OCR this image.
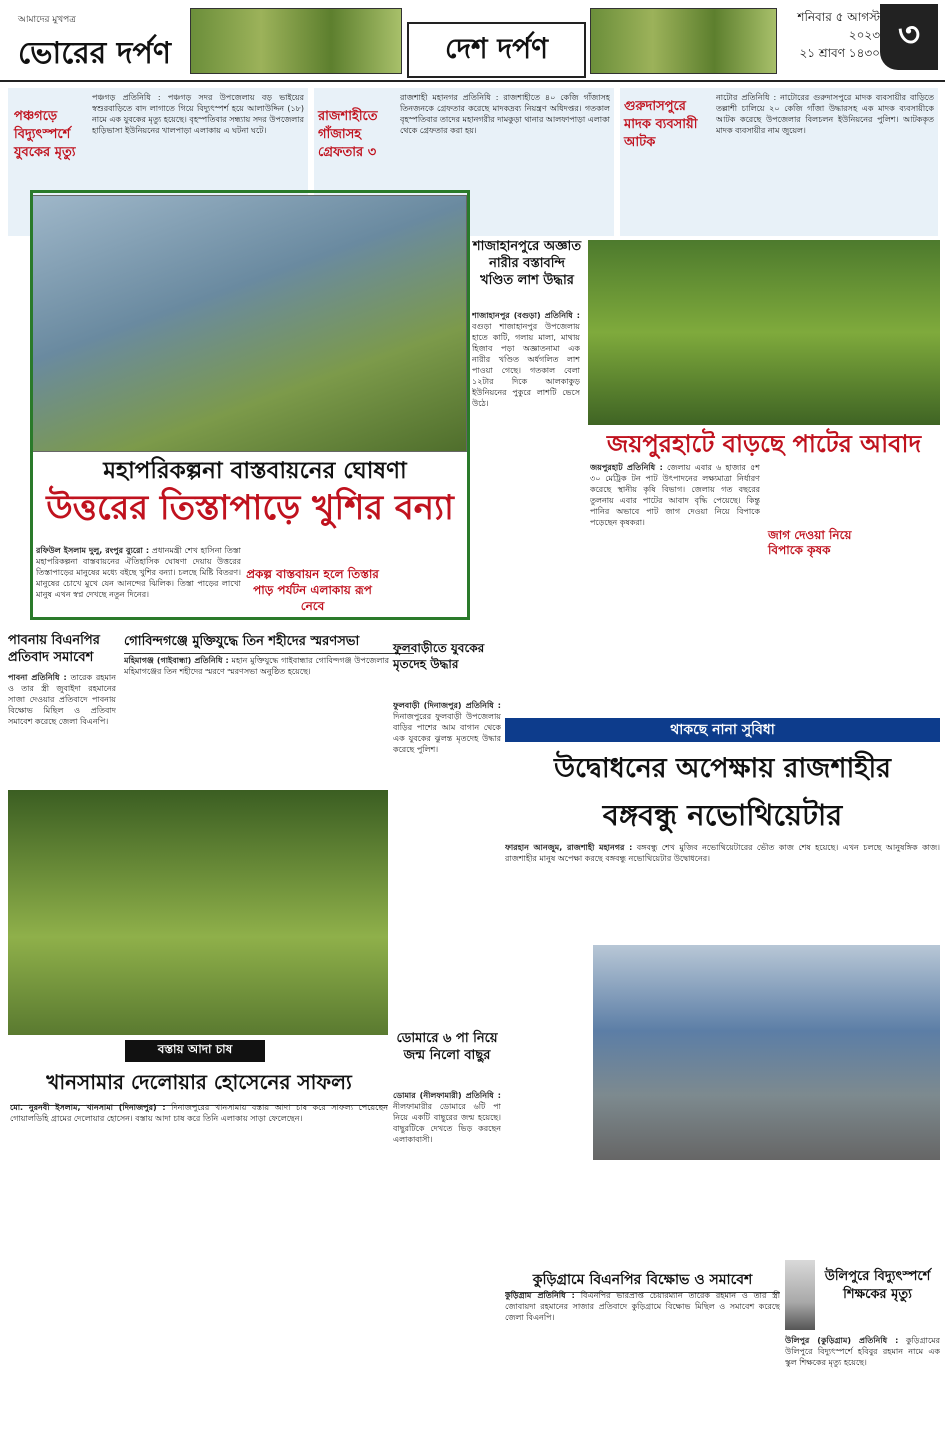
আমাদের মুখপত্র
ভোরের দর্পণ	দেশ দর্পণ
শনিবার ৫ আগস্ট ২০২৩
২১ শ্রাবণ ১৪৩০ ৩
পঞ্চগড়ে বিদ্যুৎস্পর্শে যুবকের মৃত্যু
পঞ্চগড় প্রতিনিধি : পঞ্চগড় সদর উপজেলায় বড় ভাইয়ের স্বশুরবাড়িতে বাদ লাগাতে গিয়ে বিদ্যুৎস্পর্শ হয়ে আলাউদ্দিন (১৮) নামে এক যুবকের মৃত্যু হয়েছে। বৃহস্পতিবার সন্ধ্যায় সদর উপজেলার হাড়িভাসা ইউনিয়নের খালপাড়া এলাকায় এ ঘটনা ঘটে।
রাজশাহীতে গাঁজাসহ গ্রেফতার ৩
রাজশাহী মহানগর প্রতিনিধি : রাজশাহীতে ৪০ কেজি গাঁজাসহ তিনজনকে গ্রেফতার করেছে মাদকদ্রব্য নিয়ন্ত্রণ অধিদপ্তর। গতকাল বৃহস্পতিবার তাদের মহানগরীর দামকুড়া থানার আলফাপাড়া এলাকা থেকে গ্রেফতার করা হয়।
গুরুদাসপুরে মাদক ব্যবসায়ী আটক
নাটোর প্রতিনিধি : নাটোরের গুরুদাসপুরে মাদক ব্যবসায়ীর বাড়িতে তল্লাশী চালিয়ে ২০ কেজি গাঁজা উদ্ধারসহ এক মাদক ব্যবসায়ীকে আটক করেছে উপজেলার বিলচলন ইউনিয়নের পুলিশ। আটককৃত মাদক ব্যবসায়ীর নাম জুয়েল।
মহাপরিকল্পনা বাস্তবায়নের ঘোষণা
উত্তরের তিস্তাপাড়ে খুশির বন্যা
রফিউল ইসলাম দুলু, রংপুর ব্যুরো : প্রধানমন্ত্রী শেখ হাসিনা তিস্তা মহাপরিকল্পনা বাস্তবায়নের ঐতিহাসিক ঘোষণা দেয়ায় উত্তরের তিস্তাপাড়ের মানুষের মধ্যে বইছে খুশির বন্যা। চলছে মিষ্টি বিতরণ। মানুষের চোখে মুখে যেন আনন্দের ঝিলিক। তিস্তা পাড়ের লাখো মানুষ এখন স্বপ্ন দেখছে নতুন দিনের।
প্রকল্প বাস্তবায়ন হলে তিস্তার পাড় পর্যটন এলাকায় রূপ নেবে
শাজাহানপুরে অজ্ঞাত নারীর বস্তাবন্দি খণ্ডিত লাশ উদ্ধার
শাজাহানপুর (বগুড়া) প্রতিনিধি : বগুড়া শাজাহানপুর উপজেলায় হাতে কাটি, গলায় মালা, মাথায় হিজাব পড়া অজ্ঞাতনামা এক নারীর খণ্ডিত অর্ধগলিত লাশ পাওয়া গেছে। গতকাল বেলা ১২টার দিকে আলকাকুড় ইউনিয়নের পুকুরে লাশটি ভেসে উঠে।
জয়পুরহাটে বাড়ছে পাটের আবাদ
জয়পুরহাট প্রতিনিধি : জেলায় এবার ৬ হাজার ৫শ ৩০ মেট্রিক টন পাট উৎপাদনের লক্ষ্যমাত্রা নির্ধারণ করেছে স্থানীয় কৃষি বিভাগ। জেলায় গত বছরের তুলনায় এবার পাটের আবাদ বৃদ্ধি পেয়েছে। কিন্তু পানির অভাবে পাট জাগ দেওয়া নিয়ে বিপাকে পড়েছেন কৃষকরা।
জাগ দেওয়া নিয়ে বিপাকে কৃষক
পাবনায় বিএনপির প্রতিবাদ সমাবেশ
পাবনা প্রতিনিধি : তারেক রহমান ও তার স্ত্রী জুবাইদা রহমানের সাজা দেওয়ার প্রতিবাদে পাবনায় বিক্ষোভ মিছিল ও প্রতিবাদ সমাবেশ করেছে জেলা বিএনপি।
গোবিন্দগঞ্জে মুক্তিযুদ্ধে তিন শহীদের স্মরণসভা
মহিমাগঞ্জ (গাইবান্ধা) প্রতিনিধি : মহান মুক্তিযুদ্ধে গাইবান্ধার গোবিন্দগঞ্জ উপজেলার মহিমাগঞ্জের তিন শহীদের স্মরণে স্মরণসভা অনুষ্ঠিত হয়েছে।
ফুলবাড়ীতে যুবকের মৃতদেহ উদ্ধার
ফুলবাড়ী (দিনাজপুর) প্রতিনিধি : দিনাজপুরের ফুলবাড়ী উপজেলায় বাড়ির পাশের আম বাগান থেকে এক যুবকের ঝুলন্ত মৃতদেহ উদ্ধার করেছে পুলিশ।
ডোমারে ৬ পা নিয়ে জন্ম নিলো বাছুর
ডোমার (নীলফামারী) প্রতিনিধি : নীলফামারীর ডোমারে ৬টি পা নিয়ে একটি বাছুরের জন্ম হয়েছে। বাছুরটিকে দেখতে ভিড় করছেন এলাকাবাসী।
বস্তায় আদা চাষ
খানসামার দেলোয়ার হোসেনের সাফল্য
মো. নুরনবী ইসলাম, খানসামা (দিনাজপুর) : দিনাজপুরের খানসামায় বস্তায় আদা চাষ করে সাফল্য পেয়েছেন গোয়ালডিহি গ্রামের দেলোয়ার হোসেন। বস্তায় আদা চাষ করে তিনি এলাকায় সাড়া ফেলেছেন।
থাকছে নানা সুবিধা
উদ্বোধনের অপেক্ষায় রাজশাহীর
বঙ্গবন্ধু নভোথিয়েটার
ফারহান আনজুম, রাজশাহী মহানগর : বঙ্গবন্ধু শেখ মুজিব নভোথিয়েটারের ভৌত কাজ শেষ হয়েছে। এখন চলছে আনুষঙ্গিক কাজ। রাজশাহীর মানুষ অপেক্ষা করছে বঙ্গবন্ধু নভোথিয়েটার উদ্বোধনের।
কুড়িগ্রামে বিএনপির বিক্ষোভ ও সমাবেশ
কুড়িগ্রাম প্রতিনিধি : বিএনপির ভারপ্রাপ্ত চেয়ারম্যান তারেক রহমান ও তার স্ত্রী জোবায়দা রহমানের সাজার প্রতিবাদে কুড়িগ্রামে বিক্ষোভ মিছিল ও সমাবেশ করেছে জেলা বিএনপি।
উলিপুরে বিদ্যুৎস্পর্শে শিক্ষকের মৃত্যু
উলিপুর (কুড়িগ্রাম) প্রতিনিধি : কুড়িগ্রামের উলিপুরে বিদ্যুৎস্পর্শে হবিবুর রহমান নামে এক স্কুল শিক্ষকের মৃত্যু হয়েছে।
